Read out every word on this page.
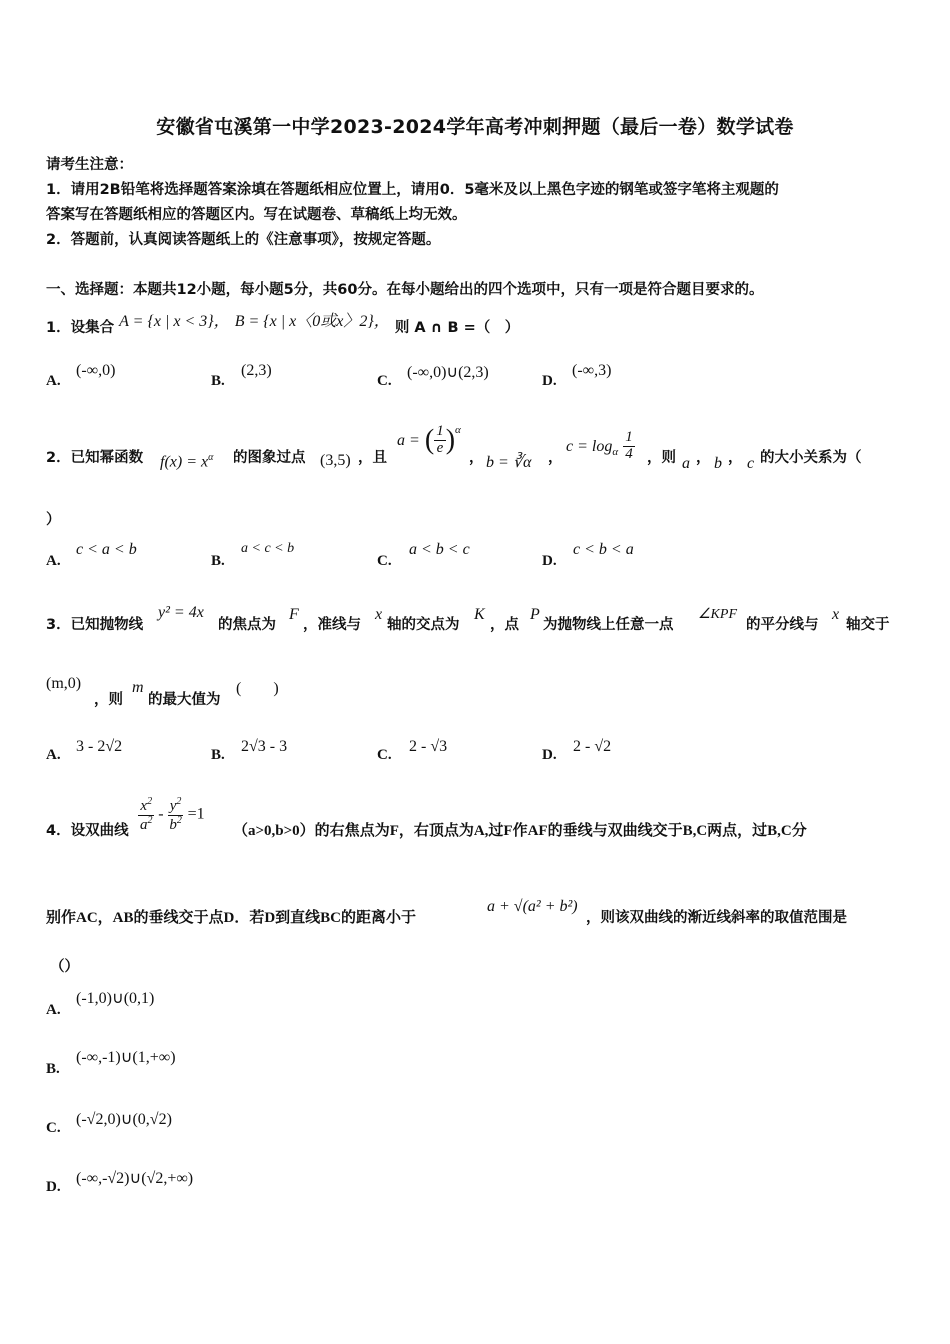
安徽省屯溪第一中学2023-2024学年高考冲刺押题（最后一卷）数学试卷
请考生注意：
1．请用2B铅笔将选择题答案涂填在答题纸相应位置上，请用0．5毫米及以上黑色字迹的钢笔或签字笔将主观题的
答案写在答题纸相应的答题区内。写在试题卷、草稿纸上均无效。
2．答题前，认真阅读答题纸上的《注意事项》，按规定答题。
一、选择题：本题共12小题，每小题5分，共60分。在每小题给出的四个选项中，只有一项是符合题目要求的。
1．设集合 A = {x | x < 3}， B = {x | x〈0或x〉2}， 则 A ∩ B =（　）
A.
(-∞,0)
B.
(2,3)
C. (-∞,0)∪(2,3)	D.
(-∞,3)
2．已知幂函数 $f(x) = x^\alpha$ 的图象过点 (3,5) ，且
a = ( $\frac{1}{e} )^\alpha$
， b = ∛α ，
$c = \log_\alpha \frac{1}{4}$ ，则 a ， b ， c 的大小关系为（
）
A.
c < a < b
B.
a < c < b
C.
a < b < c
D.
c < b < a
3．已知抛物线
y² = 4x
的焦点为
F
，准线与
x
轴的交点为
K
，点
P
为抛物线上任意一点
∠KPF
的平分线与
x
轴交于
(m,0)
，则
m
的最大值为
(　　)
A. 3 - 2√2	B. 2√3 - 3	C. 2 - √3	D. 2 - √2
4．设双曲线 $\frac{x^2}{a^2} - \frac{y^2}{b^2} =1$
（a>0,b>0）的右焦点为F，右顶点为A,过F作AF的垂线与双曲线交于B,C两点，过B,C分
别作AC，AB的垂线交于点D．若D到直线BC的距离小于
a + √(a² + b²)
，则该双曲线的渐近线斜率的取值范围是
（）
A.
(-1,0)∪(0,1)
B.
(-∞,-1)∪(1,+∞)
C. (-√2,0)∪(0,√2)
D. (-∞,-√2)∪(√2,+∞)
